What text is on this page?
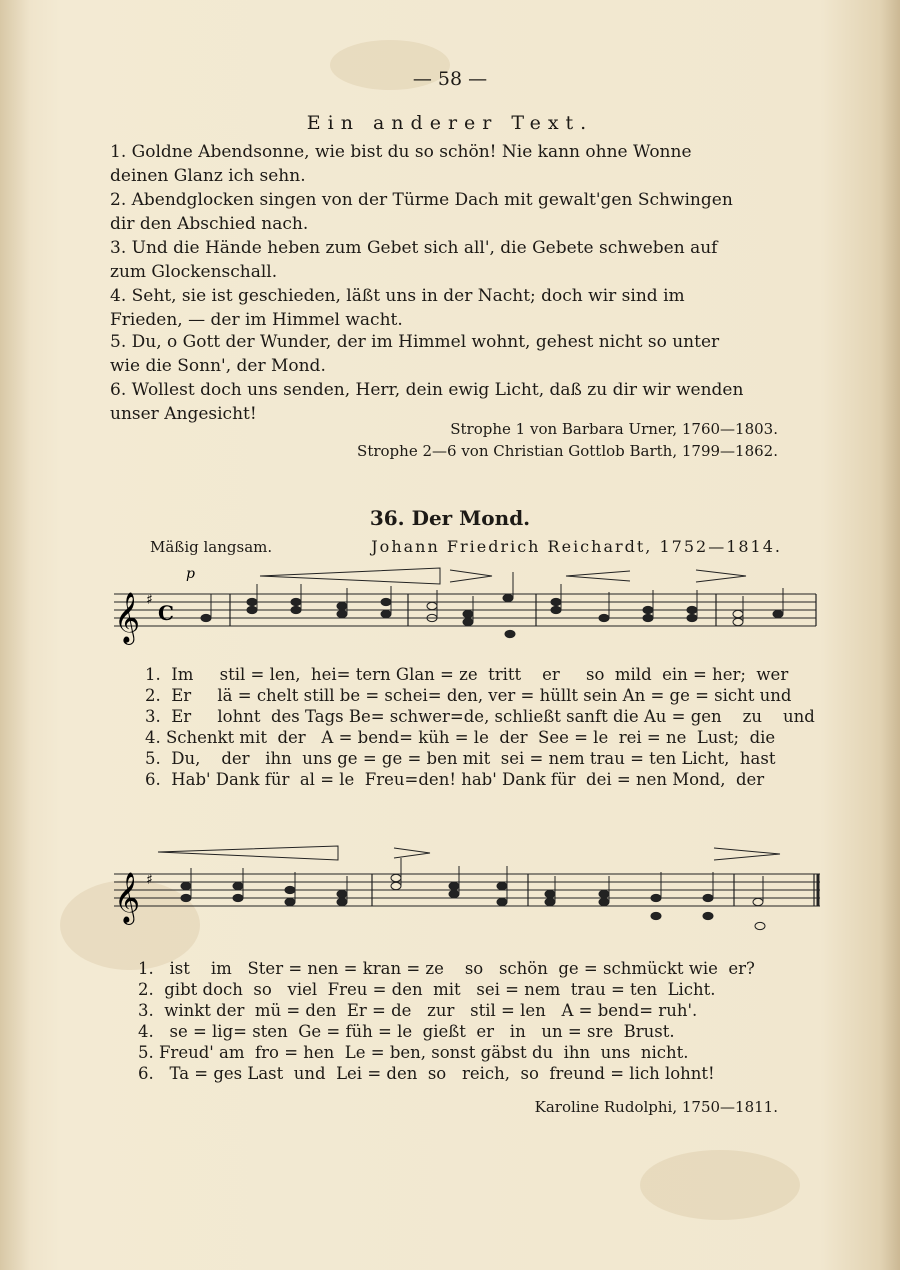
— 58 —
Ein anderer Text.
1. Goldne Abendsonne, wie bist du so schön! Nie kann ohne Wonne
deinen Glanz ich sehn.
2. Abendglocken singen von der Türme Dach mit gewalt'gen Schwingen
dir den Abschied nach.
3. Und die Hände heben zum Gebet sich all', die Gebete schweben auf
zum Glockenschall.
4. Seht, sie ist geschieden, läßt uns in der Nacht; doch wir sind im
Frieden, — der im Himmel wacht.
5. Du, o Gott der Wunder, der im Himmel wohnt, gehest nicht so unter
wie die Sonn', der Mond.
6. Wollest doch uns senden, Herr, dein ewig Licht, daß zu dir wir wenden
unser Angesicht!
Strophe 1 von Barbara Urner, 1760—1803.
Strophe 2—6 von Christian Gottlob Barth, 1799—1862.
36. Der Mond.
Mäßig langsam.	Johann Friedrich Reichardt, 1752—1814.
p
𝄞 ♯
C
1.  Im     stil = len,  hei= tern Glan = ze  tritt    er     so  mild  ein = her;  wer
2.  Er     lä = chelt still be = schei= den, ver = hüllt sein An = ge = sicht und
3.  Er     lohnt  des Tags Be= schwer=de, schließt sanft die Au = gen    zu    und
4. Schenkt mit  der   A = bend= küh = le  der  See = le  rei = ne  Lust;  die
5.  Du,    der   ihn  uns ge = ge = ben mit  sei = nem trau = ten Licht,  hast
6.  Hab' Dank für  al = le  Freu=den! hab' Dank für  dei = nen Mond,  der
𝄞 ♯
1.   ist    im   Ster = nen = kran = ze    so   schön  ge = schmückt wie  er?
2.  gibt doch  so   viel  Freu = den  mit   sei = nem  trau = ten  Licht.
3.  winkt der  mü = den  Er = de   zur   stil = len   A = bend= ruh'.
4.   se = lig= sten  Ge = füh = le  gießt  er   in   un = sre  Brust.
5. Freud' am  fro = hen  Le = ben, sonst gäbst du  ihn  uns  nicht.
6.   Ta = ges Last  und  Lei = den  so   reich,  so  freund = lich lohnt!
Karoline Rudolphi, 1750—1811.
